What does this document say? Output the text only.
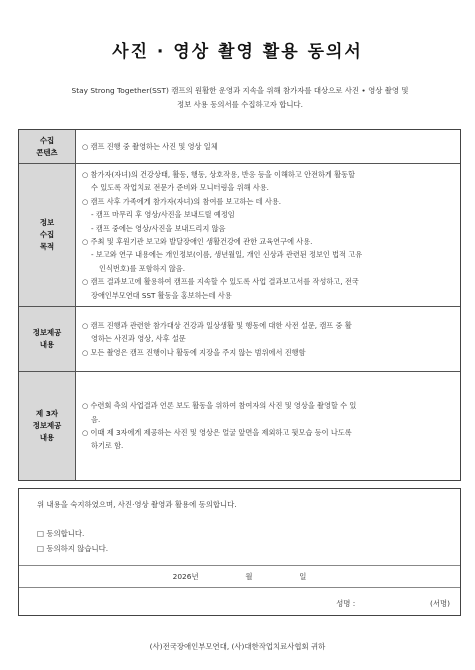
사진 · 영상 촬영 활용 동의서
Stay Strong Together(SST) 캠프의 원활한 운영과 지속을 위해 참가자를 대상으로 사진 • 영상 촬영 및
정보 사용 동의서를 수집하고자 합니다.
수집
콘텐츠
○ 캠프 진행 중 촬영하는 사진 및 영상 일체
정보
수집
목적
○ 참가자(자녀)의 건강상태, 활동, 행동, 상호작용, 반응 등을 이해하고 안전하게 활동할
수 있도록 작업치료 전문가 준비와 모니터링을 위해 사용.
○ 캠프 사후 가족에게 참가자(자녀)의 참여를 보고하는 데 사용.
- 캠프 마무리 후 영상/사진을 보내드릴 예정임
- 캠프 중에는 영상/사진을 보내드리지 않음
○ 주최 및 후원기관 보고와 발달장애인 생활건강에 관한 교육연구에 사용.
- 보고와 연구 내용에는 개인정보(이름, 생년월일, 개인 신상과 관련된 정보인 법적 고유
인식번호)를 포함하지 않음.
○ 캠프 결과보고에 활용하여 캠프를 지속할 수 있도록 사업 결과보고서를 작성하고, 전국
장애인부모연대 SST 활동을 홍보하는데 사용
정보제공
내용
○ 캠프 진행과 관련한 참가대상 건강과 일상생활 및 행동에 대한 사전 설문, 캠프 중 활
영하는 사진과 영상, 사후 설문
○ 모든 촬영은 캠프 진행이나 활동에 지장을 주지 않는 범위에서 진행함
제 3자
정보제공
내용
○ 수련회 측의 사업결과 언론 보도 활동을 위하여 참여자의 사진 및 영상을 촬영할 수 있
음.
○ 이때 제 3자에게 제공하는 사진 및 영상은 얼굴 앞면을 제외하고 뒷모습 등이 나도록
하기로 함.
위 내용을 숙지하였으며, 사진·영상 촬영과 활용에 동의합니다.
□ 동의합니다.
□ 동의하지 않습니다.
2026년	월	일
성명 :	(서명)
(사)전국장애인부모연대, (사)대한작업치료사협회 귀하
